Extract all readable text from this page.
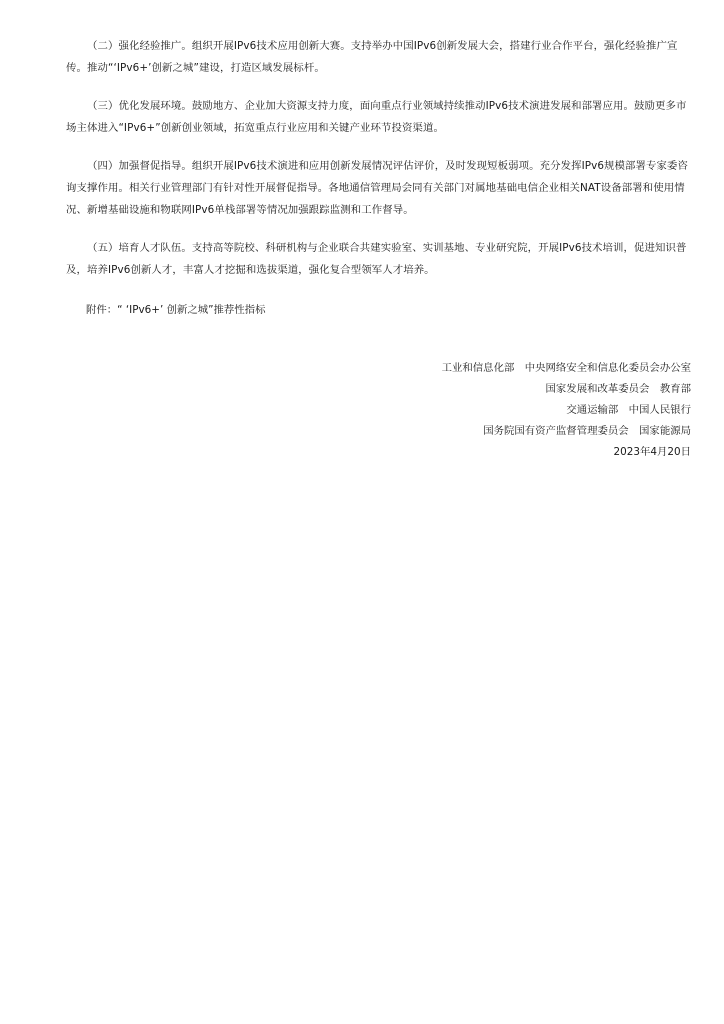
（二）强化经验推广。组织开展IPv6技术应用创新大赛。支持举办中国IPv6创新发展大会，搭建行业合作平台，强化经验推广宣传。推动“‘IPv6+’创新之城”建设，打造区域发展标杆。

（三）优化发展环境。鼓励地方、企业加大资源支持力度，面向重点行业领域持续推动IPv6技术演进发展和部署应用。鼓励更多市场主体进入“IPv6+”创新创业领域，拓宽重点行业应用和关键产业环节投资渠道。

（四）加强督促指导。组织开展IPv6技术演进和应用创新发展情况评估评价，及时发现短板弱项。充分发挥IPv6规模部署专家委咨询支撑作用。相关行业管理部门有针对性开展督促指导。各地通信管理局会同有关部门对属地基础电信企业相关NAT设备部署和使用情况、新增基础设施和物联网IPv6单栈部署等情况加强跟踪监测和工作督导。

（五）培育人才队伍。支持高等院校、科研机构与企业联合共建实验室、实训基地、专业研究院，开展IPv6技术培训，促进知识普及，培养IPv6创新人才，丰富人才挖掘和选拔渠道，强化复合型领军人才培养。

附件：“ ‘IPv6+’ 创新之城”推荐性指标

工业和信息化部　中央网络安全和信息化委员会办公室
国家发展和改革委员会　教育部
交通运输部　中国人民银行
国务院国有资产监督管理委员会　国家能源局
2023年4月20日
